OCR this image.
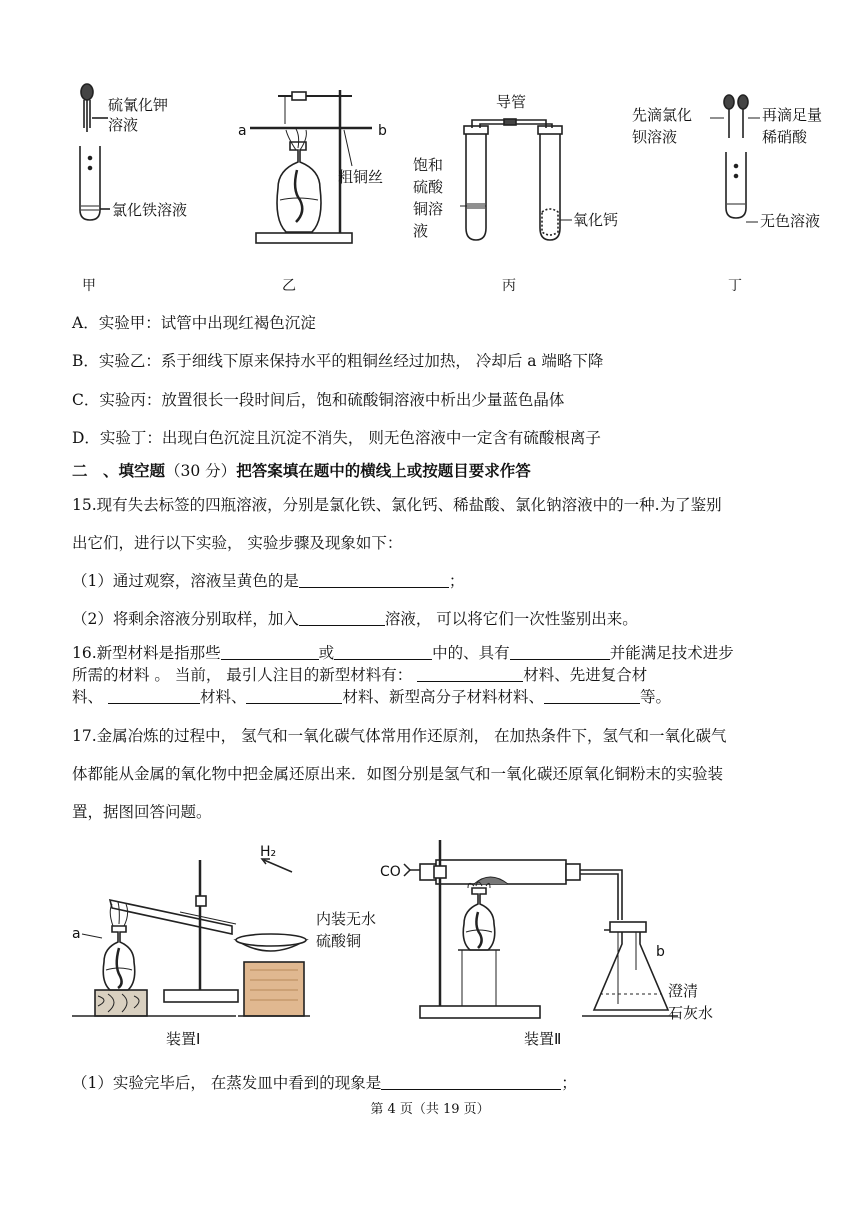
硫氰化钾
溶液
氯化铁溶液
甲
a	b
粗铜丝
乙
导管
饱和
硫酸
铜溶
液
氧化钙
丙
先滴氯化
钡溶液
再滴足量
稀硝酸
无色溶液
丁
A．实验甲：试管中出现红褐色沉淀
B．实验乙：系于细线下原来保持水平的粗铜丝经过加热， 冷却后 a 端略下降
C．实验丙：放置很长一段时间后，饱和硫酸铜溶液中析出少量蓝色晶体
D．实验丁：出现白色沉淀且沉淀不消失， 则无色溶液中一定含有硫酸根离子
二　、填空题（30 分）把答案填在题中的横线上或按题目要求作答
15.现有失去标签的四瓶溶液，分别是氯化铁、氯化钙、稀盐酸、氯化钠溶液中的一种.为了鉴别
出它们，进行以下实验， 实验步骤及现象如下：
（1）通过观察，溶液呈黄色的是	；
（2）将剩余溶液分别取样，加入	溶液， 可以将它们一次性鉴别出来。
16.新型材料是指那些	或	中的、具有	并能满足技术进步
所需的材料 。 当前， 最引人注目的新型材料有：	材料、先进复合材
料、	材料、	材料、新型高分子材料材料、	等。
17.金属冶炼的过程中， 氢气和一氧化碳气体常用作还原剂， 在加热条件下，氢气和一氧化碳气
体都能从金属的氧化物中把金属还原出来．如图分别是氢气和一氧化碳还原氧化铜粉末的实验装
置，据图回答问题。
a
H₂
内装无水
硫酸铜
装置Ⅰ
CO
b
澄清
石灰水
装置Ⅱ
（1）实验完毕后， 在蒸发皿中看到的现象是	；
第 4 页（共 19 页）
